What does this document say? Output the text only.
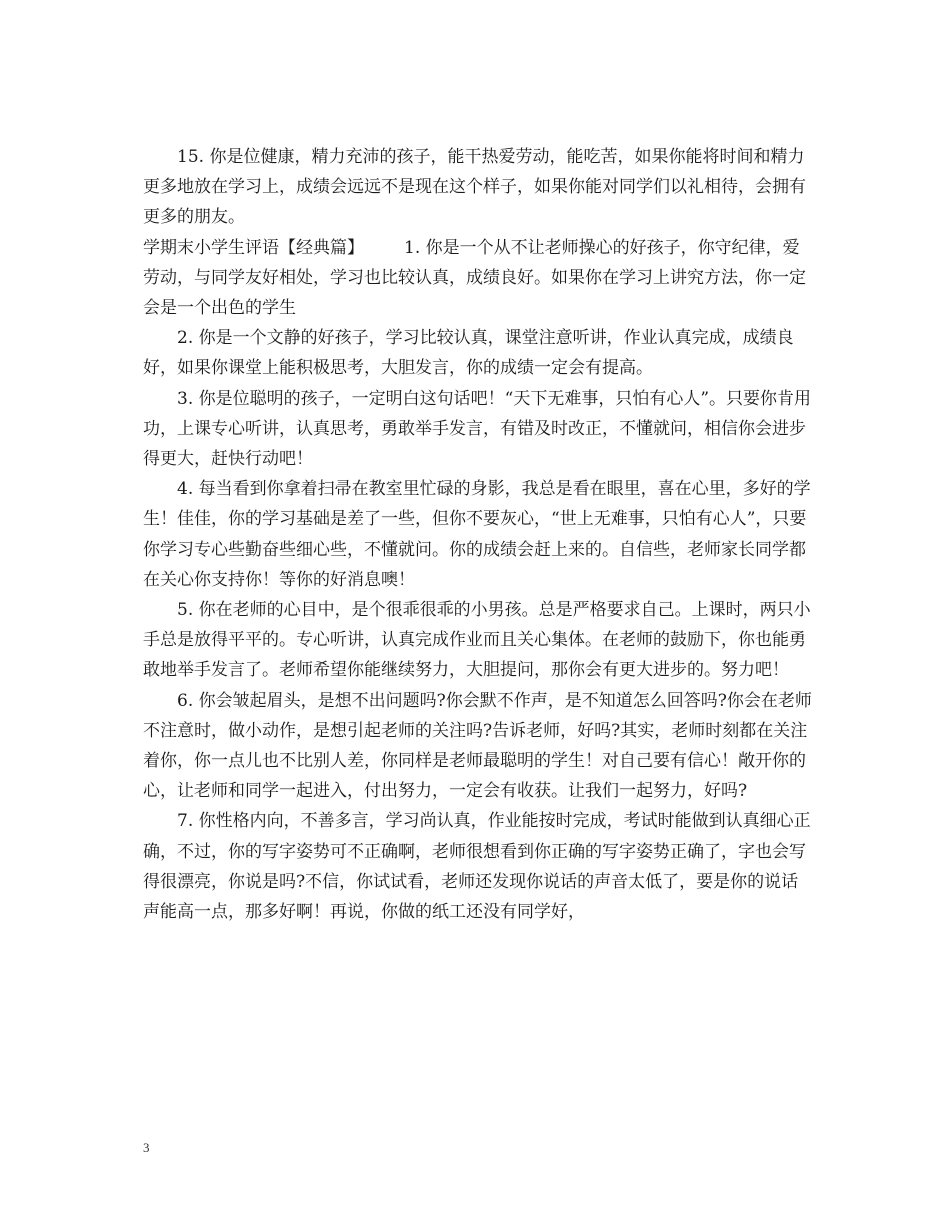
15. 你是位健康，精力充沛的孩子，能干热爱劳动，能吃苦，如果你能将时间和精力更多地放在学习上，成绩会远远不是现在这个样子，如果你能对同学们以礼相待，会拥有更多的朋友。

学期末小学生评语【经典篇】 1. 你是一个从不让老师操心的好孩子，你守纪律，爱劳动，与同学友好相处，学习也比较认真，成绩良好。如果你在学习上讲究方法，你一定会是一个出色的学生

2. 你是一个文静的好孩子，学习比较认真，课堂注意听讲，作业认真完成，成绩良好，如果你课堂上能积极思考，大胆发言，你的成绩一定会有提高。

3. 你是位聪明的孩子，一定明白这句话吧！“天下无难事，只怕有心人”。只要你肯用功，上课专心听讲，认真思考，勇敢举手发言，有错及时改正，不懂就问，相信你会进步得更大，赶快行动吧！

4. 每当看到你拿着扫帚在教室里忙碌的身影，我总是看在眼里，喜在心里，多好的学生！佳佳，你的学习基础是差了一些，但你不要灰心，“世上无难事，只怕有心人”，只要你学习专心些勤奋些细心些，不懂就问。你的成绩会赶上来的。自信些，老师家长同学都在关心你支持你！等你的好消息噢！

5. 你在老师的心目中，是个很乖很乖的小男孩。总是严格要求自己。上课时，两只小手总是放得平平的。专心听讲，认真完成作业而且关心集体。在老师的鼓励下，你也能勇敢地举手发言了。老师希望你能继续努力，大胆提问，那你会有更大进步的。努力吧！

6. 你会皱起眉头，是想不出问题吗?你会默不作声，是不知道怎么回答吗?你会在老师不注意时，做小动作，是想引起老师的关注吗?告诉老师，好吗?其实，老师时刻都在关注着你，你一点儿也不比别人差，你同样是老师最聪明的学生！对自己要有信心！敞开你的心，让老师和同学一起进入，付出努力，一定会有收获。让我们一起努力，好吗?

7. 你性格内向，不善多言，学习尚认真，作业能按时完成，考试时能做到认真细心正确，不过，你的写字姿势可不正确啊，老师很想看到你正确的写字姿势正确了，字也会写得很漂亮，你说是吗?不信，你试试看，老师还发现你说话的声音太低了，要是你的说话声能高一点，那多好啊！再说，你做的纸工还没有同学好，

3
